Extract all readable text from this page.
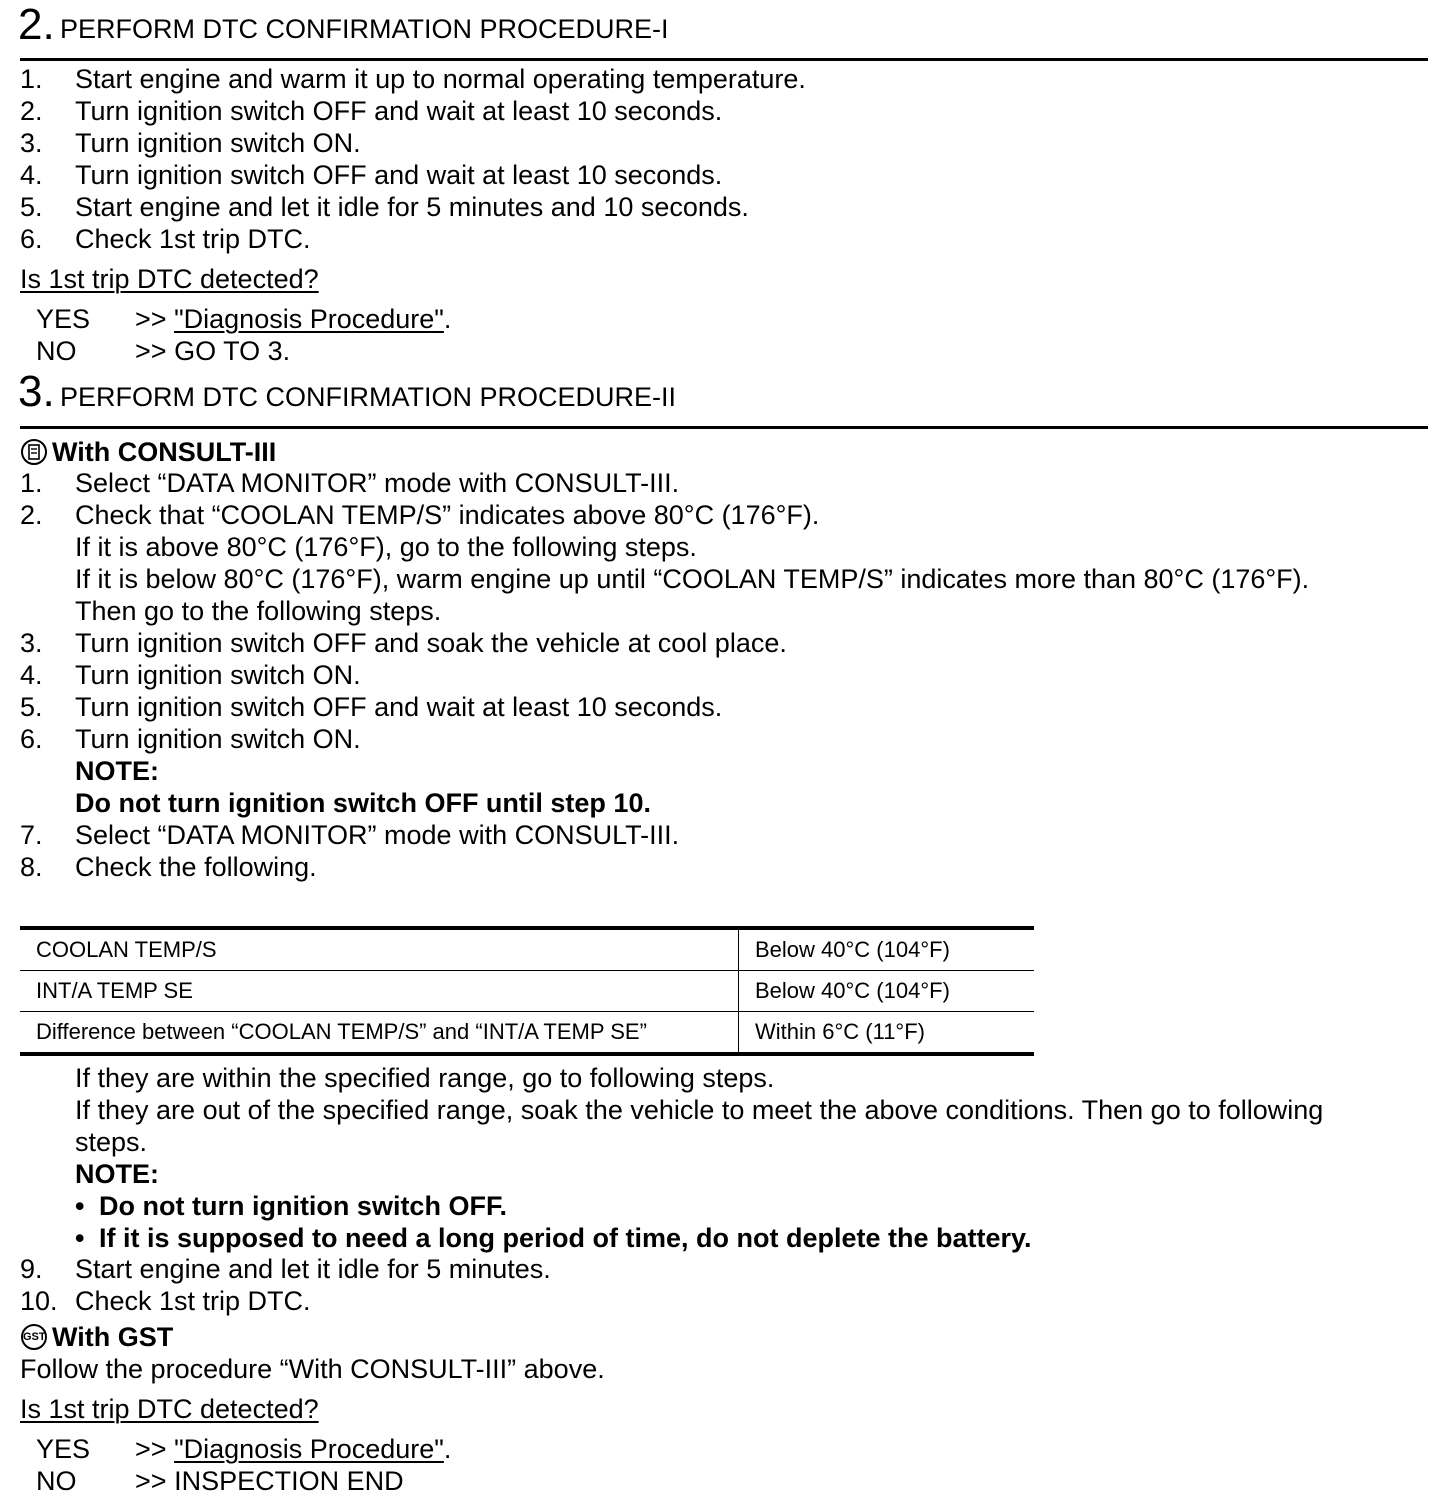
2. PERFORM DTC CONFIRMATION PROCEDURE-I
1. Start engine and warm it up to normal operating temperature.
2. Turn ignition switch OFF and wait at least 10 seconds.
3. Turn ignition switch ON.
4. Turn ignition switch OFF and wait at least 10 seconds.
5. Start engine and let it idle for 5 minutes and 10 seconds.
6. Check 1st trip DTC.
Is 1st trip DTC detected?
YES >> "Diagnosis Procedure".
NO >> GO TO 3.
3. PERFORM DTC CONFIRMATION PROCEDURE-II
With CONSULT-III
1. Select “DATA MONITOR” mode with CONSULT-III.
2. Check that “COOLAN TEMP/S” indicates above 80°C (176°F).
If it is above 80°C (176°F), go to the following steps.
If it is below 80°C (176°F), warm engine up until “COOLAN TEMP/S” indicates more than 80°C (176°F).
Then go to the following steps.
3. Turn ignition switch OFF and soak the vehicle at cool place.
4. Turn ignition switch ON.
5. Turn ignition switch OFF and wait at least 10 seconds.
6. Turn ignition switch ON.
NOTE:
Do not turn ignition switch OFF until step 10.
7. Select “DATA MONITOR” mode with CONSULT-III.
8. Check the following.
COOLAN TEMP/S	Below 40°C (104°F)
INT/A TEMP SE	Below 40°C (104°F)
Difference between “COOLAN TEMP/S” and “INT/A TEMP SE”	Within 6°C (11°F)
If they are within the specified range, go to following steps.
If they are out of the specified range, soak the vehicle to meet the above conditions. Then go to following
steps.
NOTE:
• Do not turn ignition switch OFF.
• If it is supposed to need a long period of time, do not deplete the battery.
9. Start engine and let it idle for 5 minutes.
10. Check 1st trip DTC.
GST With GST
Follow the procedure “With CONSULT-III” above.
Is 1st trip DTC detected?
YES >> "Diagnosis Procedure".
NO >> INSPECTION END
